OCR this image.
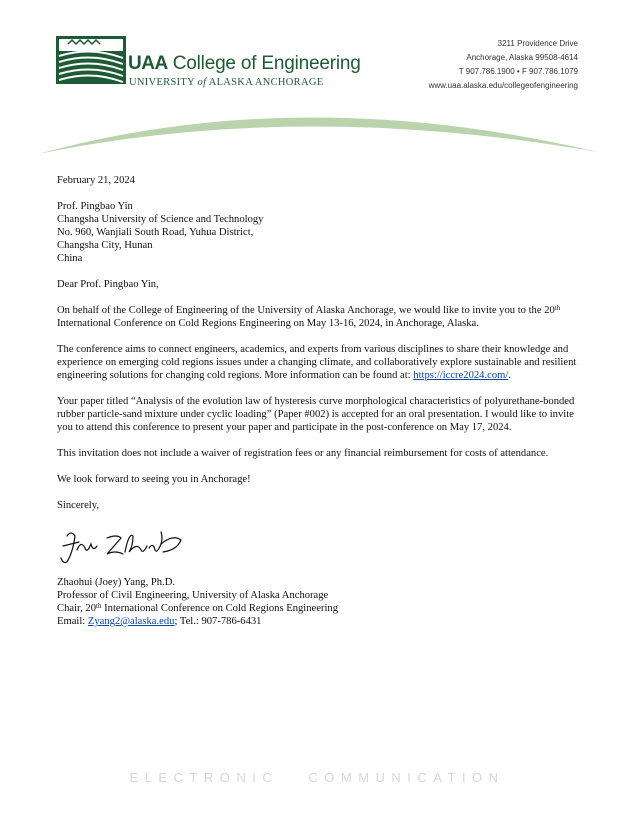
UAA College of Engineering
UNIVERSITY of ALASKA ANCHORAGE
3211 Providence Drive
Anchorage, Alaska 99508-4614
T 907.786.1900 • F 907.786.1079
www.uaa.alaska.edu/collegeofengineering

February 21, 2024

Prof. Pingbao Yin
Changsha University of Science and Technology
No. 960, Wanjiali South Road, Yuhua District,
Changsha City, Hunan
China

Dear Prof. Pingbao Yin,

On behalf of the College of Engineering of the University of Alaska Anchorage, we would like to invite you to the 20th International Conference on Cold Regions Engineering on May 13-16, 2024, in Anchorage, Alaska.

The conference aims to connect engineers, academics, and experts from various disciplines to share their knowledge and experience on emerging cold regions issues under a changing climate, and collaboratively explore sustainable and resilient engineering solutions for changing cold regions. More information can be found at: https://iccre2024.com/.

Your paper titled “Analysis of the evolution law of hysteresis curve morphological characteristics of polyurethane-bonded rubber particle-sand mixture under cyclic loading” (Paper #002) is accepted for an oral presentation. I would like to invite you to attend this conference to present your paper and participate in the post-conference on May 17, 2024.

This invitation does not include a waiver of registration fees or any financial reimbursement for costs of attendance.

We look forward to seeing you in Anchorage!

Sincerely,

Zhaohui (Joey) Yang, Ph.D.
Professor of Civil Engineering, University of Alaska Anchorage
Chair, 20th International Conference on Cold Regions Engineering
Email: Zyang2@alaska.edu; Tel.: 907-786-6431
ELECTRONIC COMMUNICATION
